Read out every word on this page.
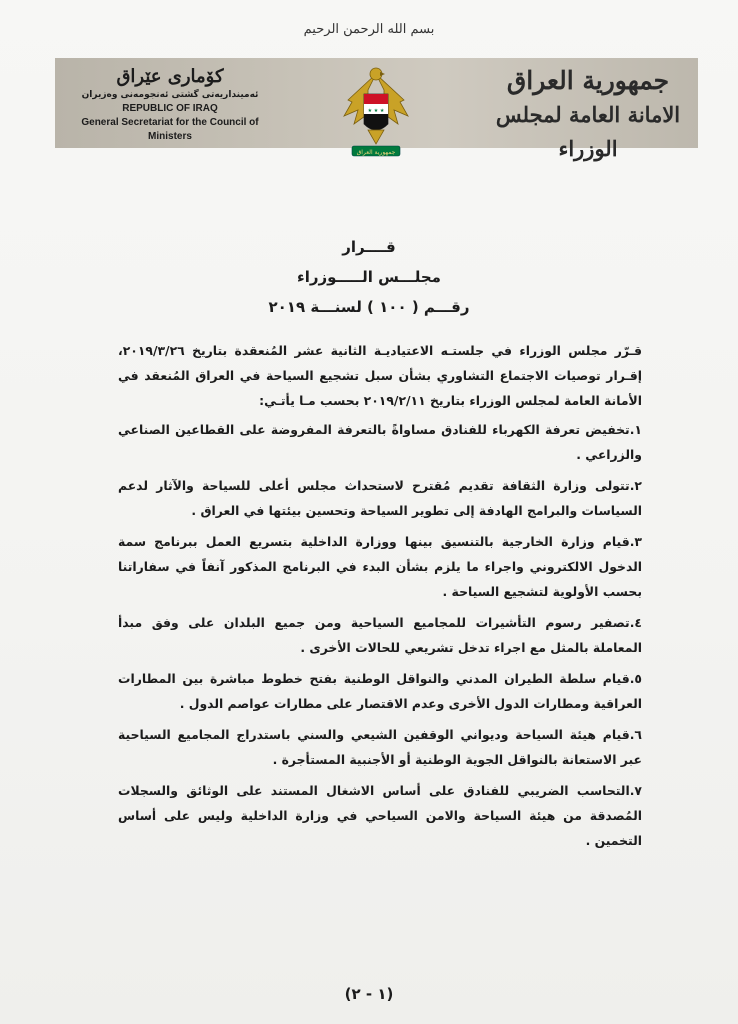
بسم الله الرحمن الرحيم
كۆماری عێراق
ئه‌مینداریه‌تی گشتی ئه‌نجومه‌نی وه‌زیران
REPUBLIC OF IRAQ
General Secretariat for the Council of Ministers
★ ★ ★
جمهورية العراق
جمهورية العراق
الامانة العامة لمجلس الوزراء
قــــرار
مجلـــس الـــــوزراء
رقـــم ( ١٠٠ ) لسنـــة ٢٠١٩

قـرّر مجلس الوزراء في جلستـه الاعتياديـة الثانية عشر المُنعقدة بتاريخ ٢٠١٩/٣/٢٦، إقـرار توصيات الاجتماع التشاوري بشأن سبل تشجيع السياحة في العراق المُنعقد في الأمانة العامة لمجلس الوزراء بتاريخ ٢٠١٩/٢/١١ بحسب مـا يأتـي:

١.تخفيض تعرفة الكهرباء للفنادق مساواةً بالتعرفة المفروضة على القطاعين الصناعي والزراعي .

٢.تتولى وزارة الثقافة تقديم مُقترح لاستحداث مجلس أعلى للسياحة والآثار لدعم السياسات والبرامج الهادفة إلى تطوير السياحة وتحسين بيئتها في العراق .

٣.قيام وزارة الخارجية بالتنسيق بينها ووزارة الداخلية بتسريع العمل ببرنامج سمة الدخول الالكتروني واجراء ما يلزم بشأن البدء في البرنامج المذكور آنفاً في سفاراتنا بحسب الأولوية لتشجيع السياحة .

٤.تصفير رسوم التأشيرات للمجاميع السياحية ومن جميع البلدان على وفق مبدأ المعاملة بالمثل مع اجراء تدخل تشريعي للحالات الأخرى .

٥.قيام سلطة الطيران المدني والنواقل الوطنية بفتح خطوط مباشرة بين المطارات العراقية ومطارات الدول الأخرى وعدم الاقتصار على مطارات عواصم الدول .

٦.قيام هيئة السياحة وديواني الوقفين الشيعي والسني باستدراج المجاميع السياحية عبر الاستعانة بالنواقل الجوية الوطنية أو الأجنبية المستأجرة .

٧.التحاسب الضريبي للفنادق على أساس الاشغال المستند على الوثائق والسجلات المُصدقة من هيئة السياحة والامن السياحي في وزارة الداخلية وليس على أساس التخمين .

(١ - ٢)
